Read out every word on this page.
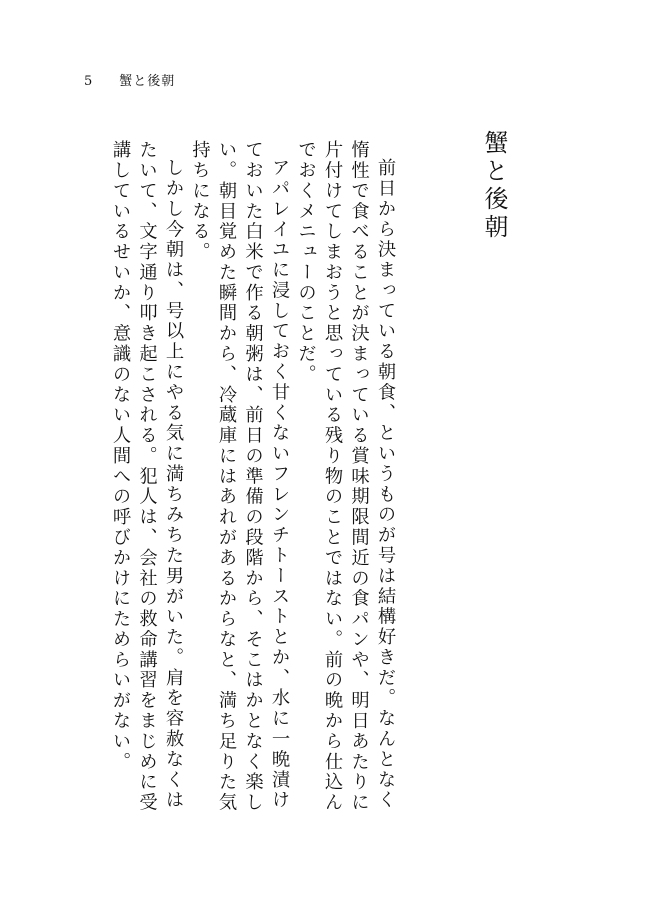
5 蟹と後朝
蟹と後朝

前日から決まっている朝食、というものが号は結構好きだ。なんとなく惰性で食べることが決まっている賞味期限間近の食パンや、明日あたりに片付けてしまおうと思っている残り物のことではない。前の晩から仕込んでおくメニューのことだ。

アパレイユに浸しておく甘くないフレンチトーストとか、水に一晩漬けておいた白米で作る朝粥は、前日の準備の段階から、そこはかとなく楽しい。朝目覚めた瞬間から、冷蔵庫にはあれがあるからなと、満ち足りた気持ちになる。

しかし今朝は、号以上にやる気に満ちみちた男がいた。肩を容赦なくはたいて、文字通り叩き起こされる。犯人は、会社の救命講習をまじめに受講しているせいか、意識のない人間への呼びかけにためらいがない。
